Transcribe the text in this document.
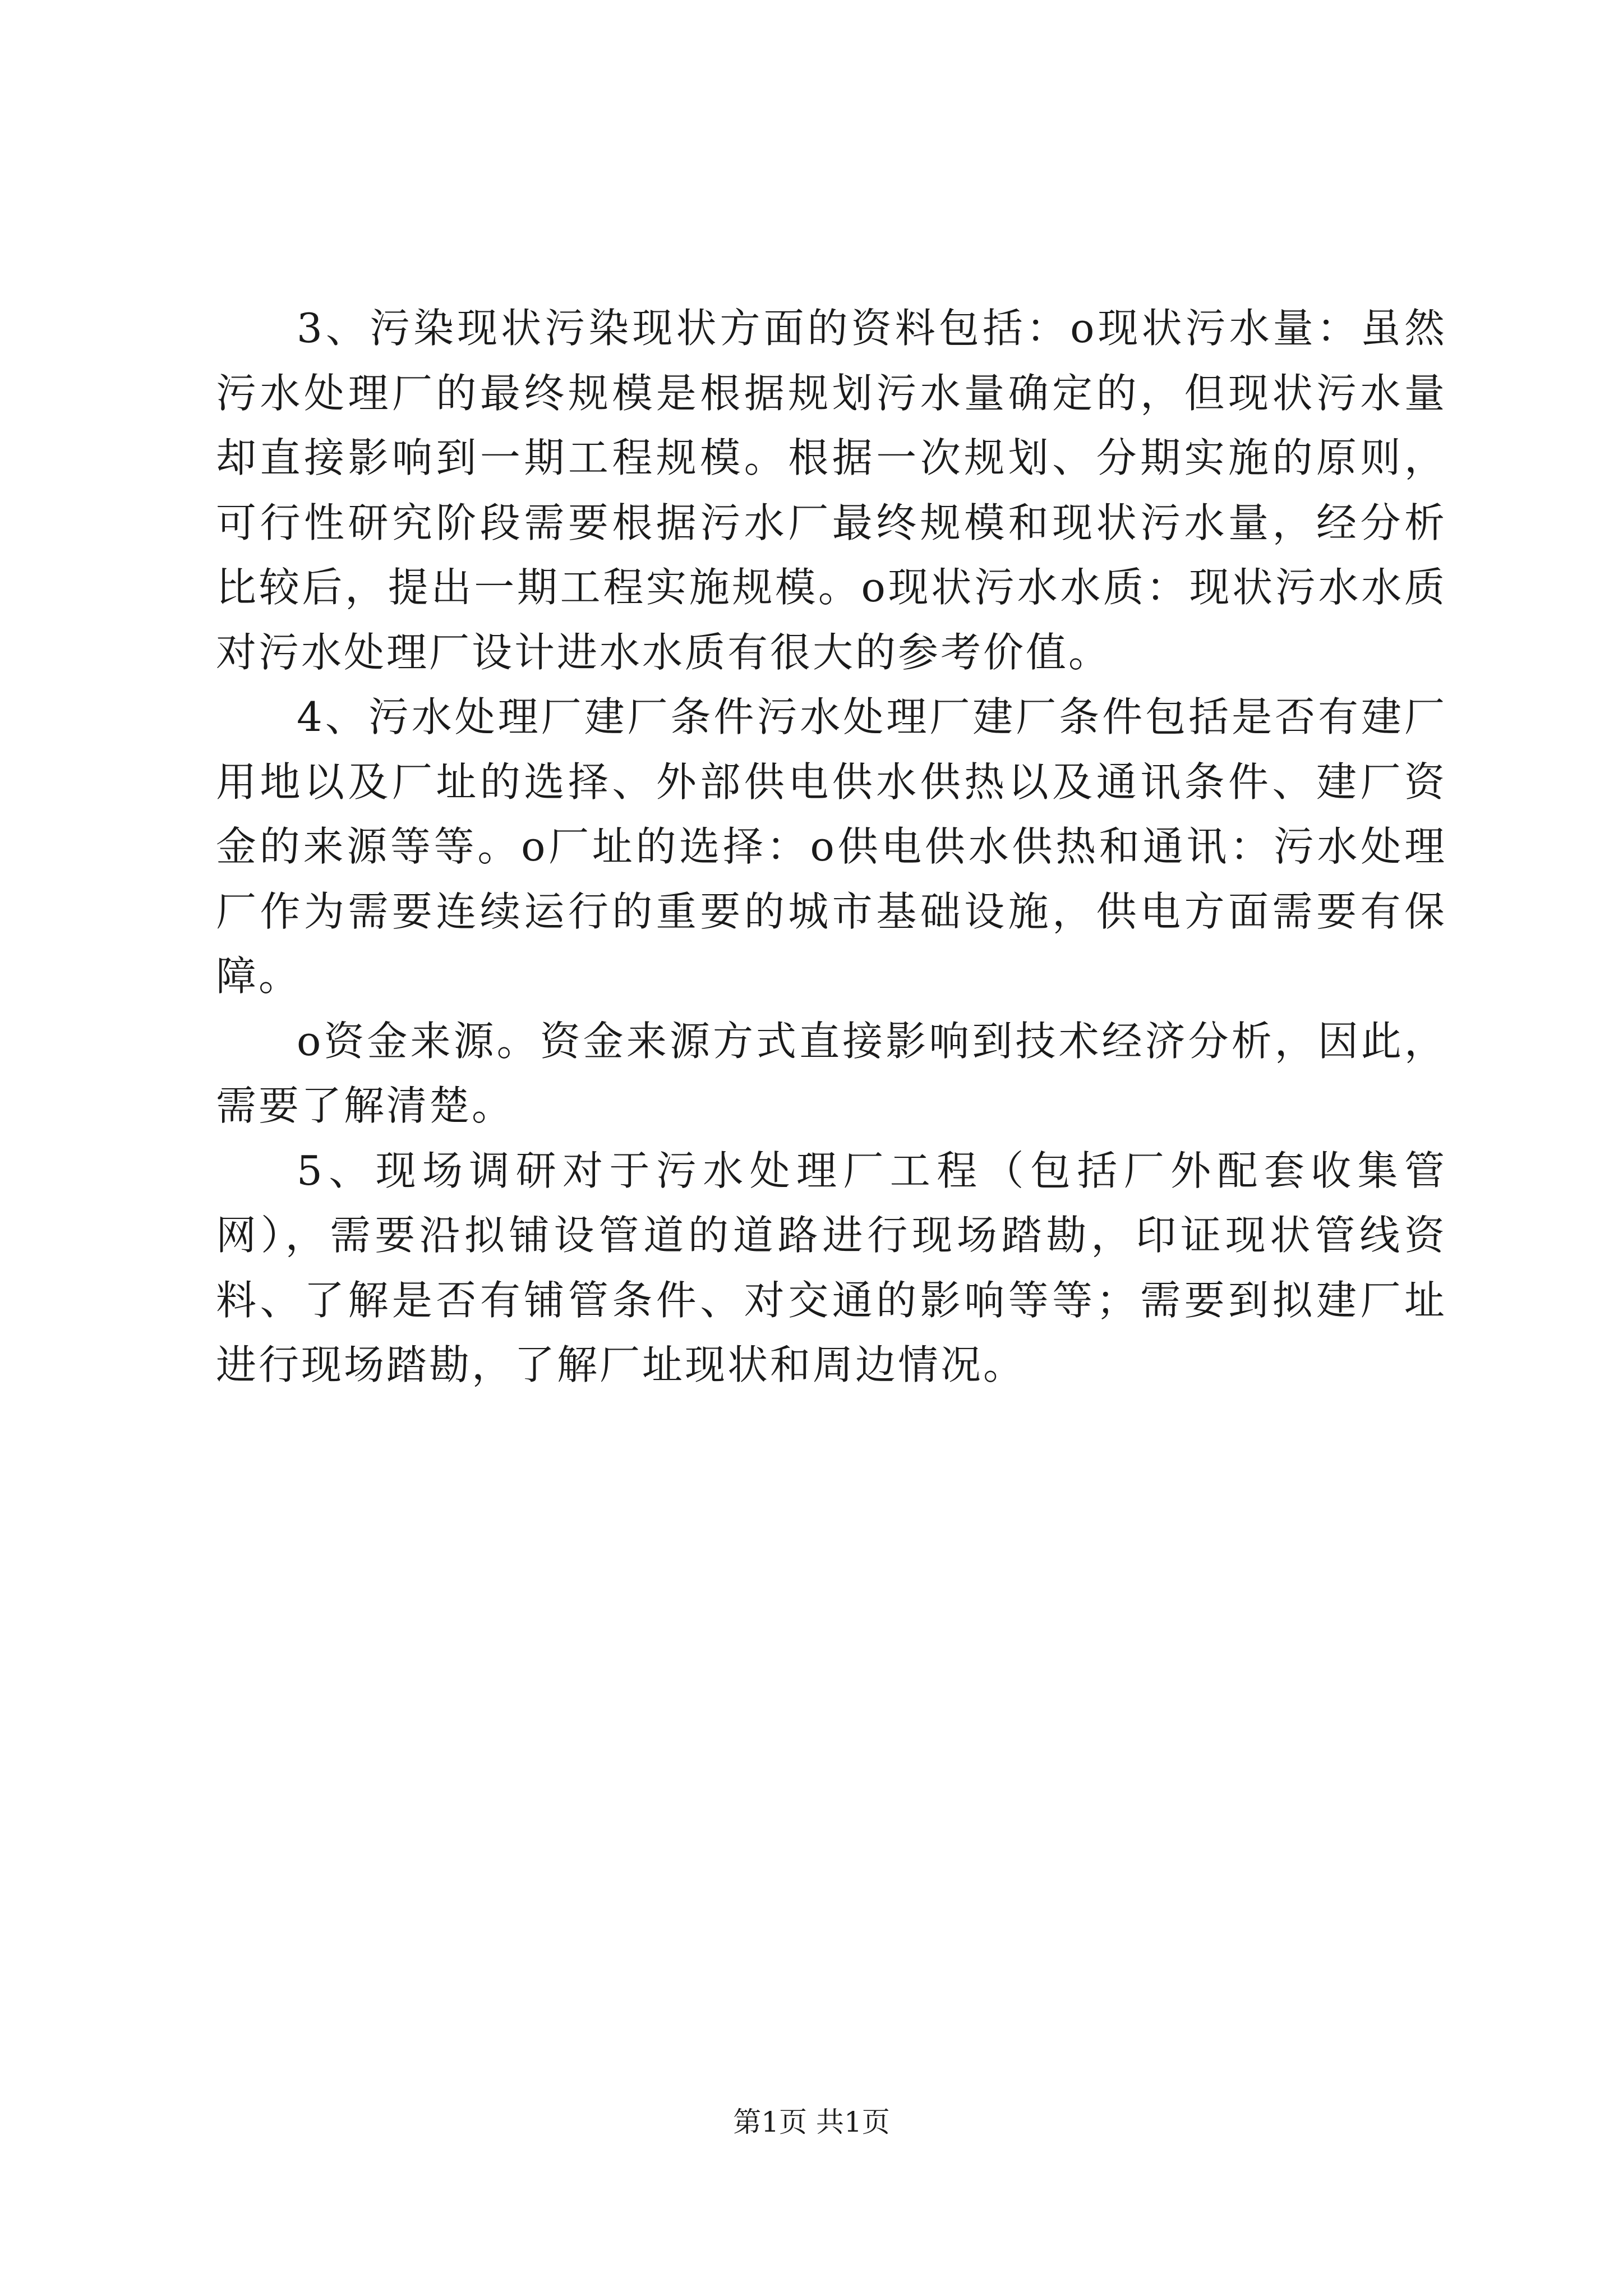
3、污染现状污染现状方面的资料包括：o现状污水量：虽然污水处理厂的最终规模是根据规划污水量确定的，但现状污水量却直接影响到一期工程规模。根据一次规划、分期实施的原则，可行性研究阶段需要根据污水厂最终规模和现状污水量，经分析比较后，提出一期工程实施规模。o现状污水水质：现状污水水质对污水处理厂设计进水水质有很大的参考价值。

4、污水处理厂建厂条件污水处理厂建厂条件包括是否有建厂用地以及厂址的选择、外部供电供水供热以及通讯条件、建厂资金的来源等等。o厂址的选择：o供电供水供热和通讯：污水处理厂作为需要连续运行的重要的城市基础设施，供电方面需要有保障。

o资金来源。资金来源方式直接影响到技术经济分析，因此，需要了解清楚。

5、现场调研对于污水处理厂工程（包括厂外配套收集管网），需要沿拟铺设管道的道路进行现场踏勘，印证现状管线资料、了解是否有铺管条件、对交通的影响等等；需要到拟建厂址进行现场踏勘，了解厂址现状和周边情况。

第1页 共1页
